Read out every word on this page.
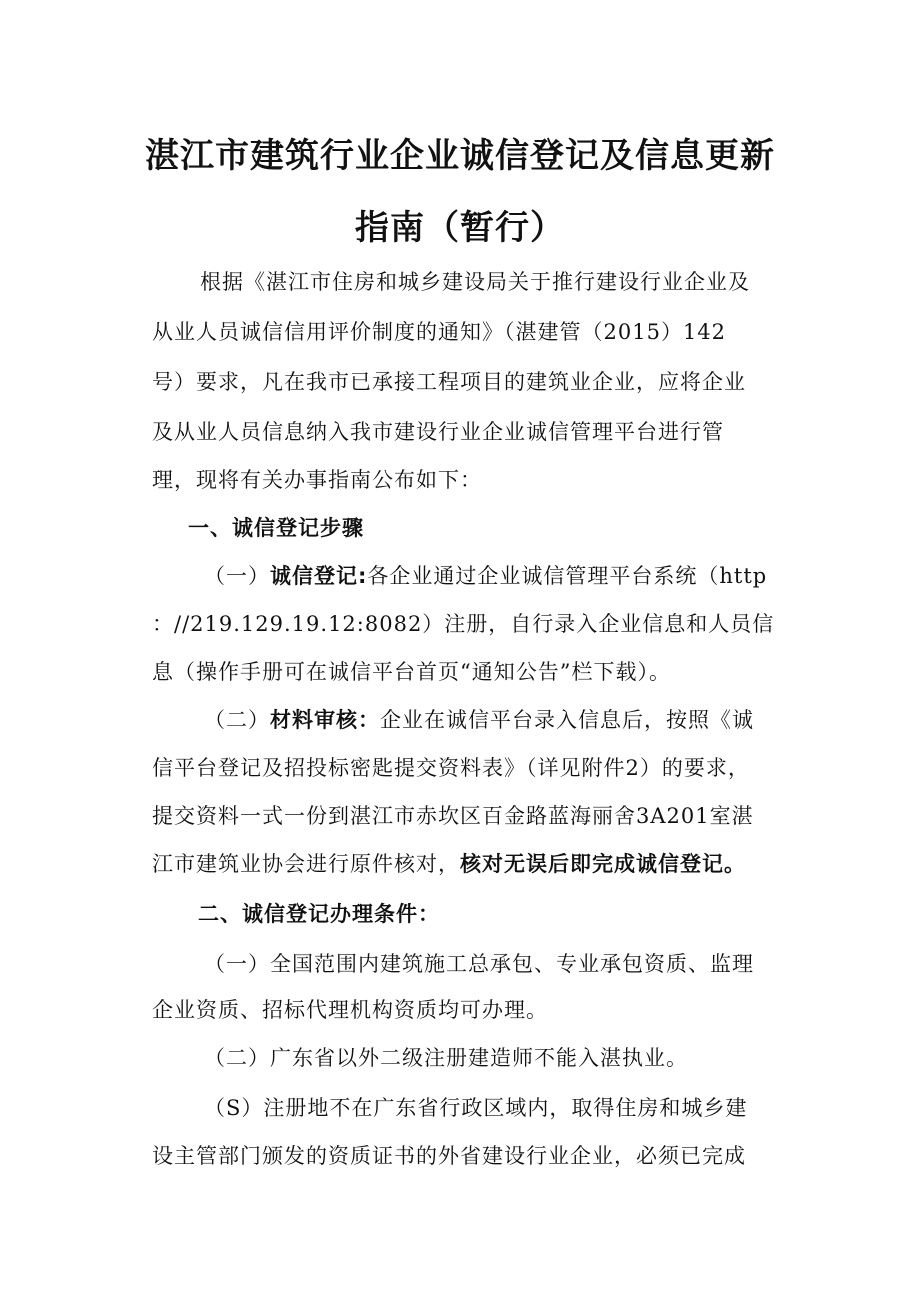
湛江市建筑行业企业诚信登记及信息更新
指南（暂行）
根据《湛江市住房和城乡建设局关于推行建设行业企业及
从业人员诚信信用评价制度的通知》（湛建管（2015）142
号）要求，凡在我市已承接工程项目的建筑业企业，应将企业
及从业人员信息纳入我市建设行业企业诚信管理平台进行管
理，现将有关办事指南公布如下：
一、诚信登记步骤
（一）诚信登记:各企业通过企业诚信管理平台系统（http
：//219.129.19.12:8082）注册，自行录入企业信息和人员信
息（操作手册可在诚信平台首页“通知公告”栏下载）。
（二）材料审核：企业在诚信平台录入信息后，按照《诚
信平台登记及招投标密匙提交资料表》（详见附件2）的要求，
提交资料一式一份到湛江市赤坎区百金路蓝海丽舍3A201室湛
江市建筑业协会进行原件核对，核对无误后即完成诚信登记。
二、诚信登记办理条件：
（一）全国范围内建筑施工总承包、专业承包资质、监理
企业资质、招标代理机构资质均可办理。
（二）广东省以外二级注册建造师不能入湛执业。
（S）注册地不在广东省行政区域内，取得住房和城乡建
设主管部门颁发的资质证书的外省建设行业企业，必须已完成
